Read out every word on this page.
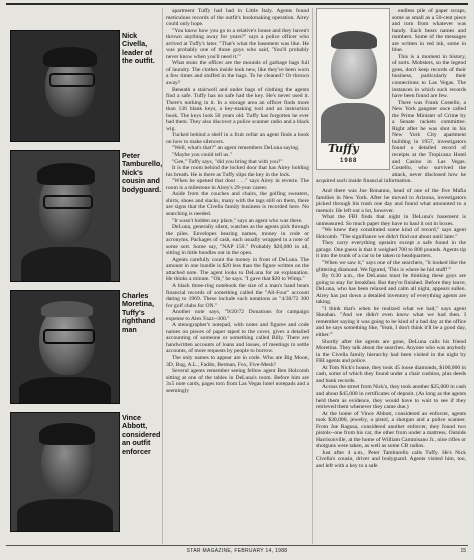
Nick Civella, leader of the outfit.
Peter Tamburello, Nick's cousin and bodyguard.
Charles Moretina, Tuffy's righthand man
Vince Abbott, considered an outfit enforcer

apartment Tuffy had had in Little Italy. Agents found meticulous records of the outfit's bookmaking operation. Airey could only hope.

"You know how you go to a relative's house and they haven't thrown anything away for years?" says a police officer who arrived at Tuffy's later. "That's what the basement was like. He was probably one of those guys who said, 'You'll probably never know when you'll need it.'"

What stuns the officer are the mounds of garbage bags full of laundry. The clothes inside look new, like they've been worn a few times and stuffed in the bags. To be cleaned? Or thrown away?

Beneath a stairwell and under bags of clothing the agents find a safe. Tuffy has no safe had the key. He's never used it. There's nothing in it. In a storage area an officer finds more than 136 blank keys, a key-making tool and an instruction book. The keys look 50 years old. Tuffy has forgotten he ever had them. They also discover a police scanner radio and a black wig.

Tucked behind a shelf in a fruit cellar an agent finds a book on how to make silencers.

"Well, what's that?" an agent remembers DeLuna saying.

"Maybe you could tell us."

"Gee," Tuffy says, "did you bring that with you?"

It is the room behind the locked door that has Airey holding his breath. He is there as Tuffy slips the key in the lock.

"When he opened that door . . ." says Airey in reverie. The room is a milestone in Airey's 29-year career.

Aside from the couches and chairs, the golfing sweaters, shirts, shoes and slacks, many with the tags still on them, there are signs that the Civella family business is recorded here. No searching is needed.

"It wasn't hidden any place," says an agent who was there.

DeLuna, generally silent, watches as the agents pick through the piles. Envelopes bearing names, money in code or acronyms. Packages of cash, each usually wrapped in a note of some sort. Some say, "NAP 150." Probably $20,000 in all, sitting in little bundles out in the open.

Agents carefully count the money in front of DeLuna. The amount in one bundle is $20 less than the figure written on the attached note. The agent looks to DeLuna for an explanation. He thinks a minute. "Oh," he says. "I gave that $20 to Wimp."

A black three-ring notebook the size of a man's hand bears financial records of something called the "All-Four" account dating to 1969. These include such notations as "4/30/72 300 for golf clubs for ON."

Another note says, "9/20/72 Donations for campaign expense to Alex Fazz--300."

A stenographer's notepad, with notes and figures and code names on pieces of paper taped to the cover, gives a detailed accounting of someone or something called Billy. There are handwritten accounts of loans and losses, of meetings to settle accounts, of more requests by people to borrow.

The only names to appear are in code. Who are Big Moon, 3D, Bug, A.L., Faddo, Berman, Fox, Five-Mesh?

Several agents remember seeing fellow agent Ben Holcomb sitting at one of the tables in DeLuna's room. Before him are 3x5 note cards, pages torn from Las Vegas hotel notepads and a seemingly

Tuffy
1988

endless pile of paper scraps, some as small as a 50-cent piece and torn from whatever was handy. Each bears names and numbers. Some of the messages are written in red ink, some in blue.

This is a moment in history, of sorts. Mobsters, so the legend goes, don't keep records of their business, particularly their connections to Las Vegas. The instances in which such records have been found are few.

There was Frank Costello, a New York gangster once called the Prime Minister of Crime by a Senate rackets committee. Right after he was shot in his New York City apartment building in 1957, investigators found a detailed record of receipts at the Tropicana Hotel and Casino in Las Vegas. Costello, who survived the attack, never disclosed how he acquired such inside financial information.

And there was Joe Bonanno, head of one of the five Mafia families in New York. After he moved to Arizona, investigators picked through his trash one day and found what amounted to a memoir. He left out a lot, however.

What the FBI finds that night in DeLuna's basement is unmeasured. So much paper they have to haul it out in boxes.

"We knew they constituted some kind of record," says agent Holcomb. "The signifiance we didn't find out about until later."

They carry everything upstairs except a safe found in the garage. One guess is that it weighed 700 to 800 pounds. Agents tip it into the trunk of a car to be taken to headquarters.

"When we saw it," says one of the searchers, "it looked like the glittering diamond. We figured, 'This is where he hid stuff!'"

By 6:30 a.m., the DeLunas must be thinking these guys are going to stay for breakfast. But they're finished. Before they leave, DeLuna, who has been relaxed and calm all night, appears sullen. Airey has put down a detailed inventory of everything agents are taking.

"I think that's when he realized what we had," says agent Skeahan. "And we didn't even know what we had then. I remember saying it was going to be kind of a bad day at the office and he says something like, 'Yeah, I don't think it'll be a good day, either.'"

Shortly after the agents are gone, DeLuna calls his friend Moretina. They talk about the searches. Anyone who was anybody in the Civella family hierarchy had been visited in the night by FBI agents and police.

At Tom Nick's house, they took 45 loose diamonds, $100,000 in cash, some of which they found under a chair cushion, plus deeds and bank records.

Across the street from Nick's, they took another $25,000 in cash and about $45,000 in certificates of deposit. (As long as the agents held them as evidence, they would have to wait to see if they retrieved them whenever they came due.)

At the home of Vince Abbott, considered an enforcer, agents took $30,000, jewelry, a pistol, a shotgun and a police scanner. From Joe Ragusa, considered another enforcer, they found two pistols--one from his car, the other from under a mattress. Outside Harrisonville, at the home of William Cammisano Jr., nine rifles or shotguns were taken, as well as some CB radios.

Just after 4 a.m., Peter Tamburello calls Tuffy. He's Nick Civella's cousin, driver and bodyguard. Agents visited him, too, and left with a key to a safe

STAR MAGAZINE, FEBRUARY 14, 1988	15
